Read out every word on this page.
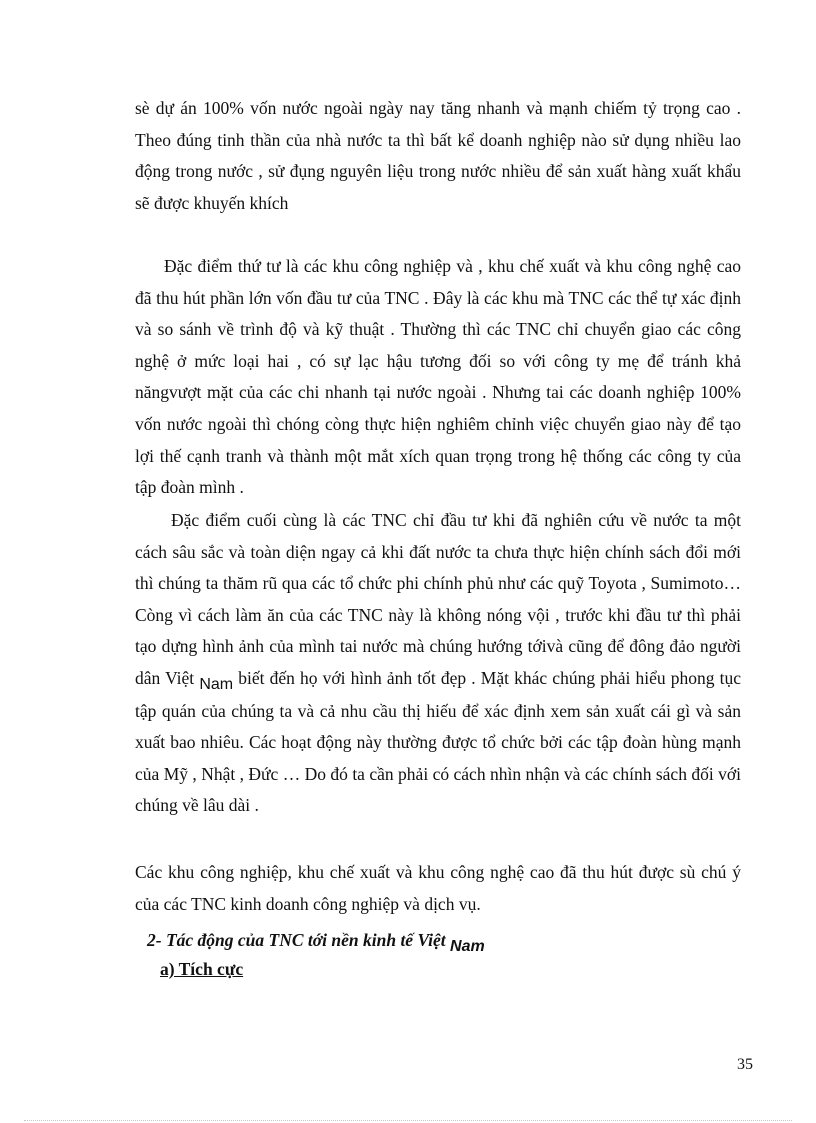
sè dự án 100% vốn nước ngoài ngày nay tăng nhanh và mạnh chiếm tỷ trọng cao . Theo đúng tinh thần của nhà nước ta thì bất kể doanh nghiệp nào sử dụng nhiều lao động trong nước , sử đụng nguyên liệu trong nước nhiều để sản xuất hàng xuất khẩu sẽ được khuyến khích

Đặc điểm thứ tư là các khu công nghiệp và , khu chế xuất và khu công nghệ cao đã thu hút phần lớn vốn đầu tư của TNC . Đây là các khu mà TNC các thể tự xác định và so sánh về trình độ và kỹ thuật . Thường thì các TNC chỉ chuyển giao các công nghệ ở mức loại hai , có sự lạc hậu tương đối so với công ty mẹ để tránh khả năngvượt mặt của các chi nhanh tại nước ngoài . Nhưng tai các doanh nghiệp 100% vốn nước ngoài thì chóng còng thực hiện nghiêm chỉnh việc chuyển giao này để tạo lợi thế cạnh tranh và thành một mắt xích quan trọng trong hệ thống các công ty của tập đoàn mình .

Đặc điểm cuối cùng là các TNC chỉ đầu tư khi đã nghiên cứu về nước ta một cách sâu sắc và toàn diện ngay cả khi đất nước ta chưa thực hiện chính sách đổi mới thì chúng ta thăm rũ qua các tổ chức phi chính phủ như các quỹ Toyota , Sumimoto… Còng vì cách làm ăn của các TNC này là không nóng vội , trước khi đầu tư thì phải tạo dựng hình ảnh của mình tai nước mà chúng hướng tớivà cũng để đông đảo người dân Việt Nam biết đến họ với hình ảnh tốt đẹp . Mặt khác chúng phải hiểu phong tục tập quán của chúng ta và cả nhu cầu thị hiếu để xác định xem sản xuất cái gì và sản xuất bao nhiêu. Các hoạt động này thường được tổ chức bởi các tập đoàn hùng mạnh của Mỹ , Nhật , Đức … Do đó ta cần phải có cách nhìn nhận và các chính sách đối với chúng về lâu dài .

Các khu công nghiệp, khu chế xuất và khu công nghệ cao đã thu hút được sù chú ý của các TNC kinh doanh công nghiệp và dịch vụ.

2- Tác động của TNC tới nền kinh tế Việt Nam

a) Tích cực

35
